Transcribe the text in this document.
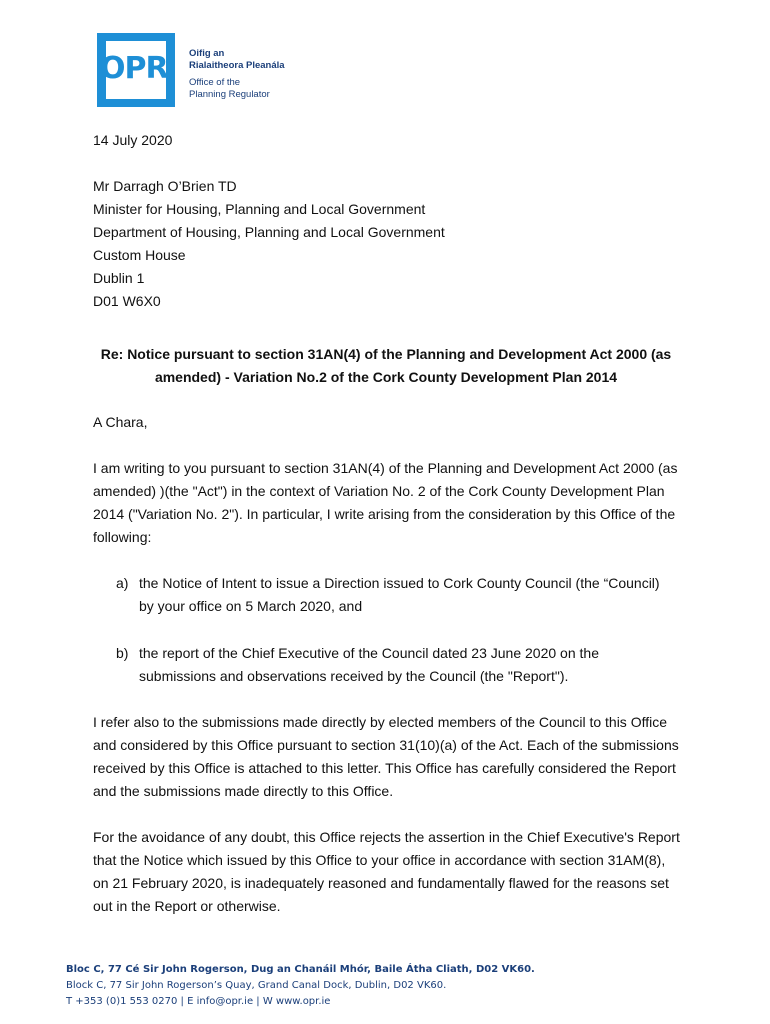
OPR	Oifig an
Rialaitheora Pleanála
Office of the
Planning Regulator
14 July 2020
Mr Darragh O’Brien TD
Minister for Housing, Planning and Local Government
Department of Housing, Planning and Local Government
Custom House
Dublin 1
D01 W6X0
Re: Notice pursuant to section 31AN(4) of the Planning and Development Act 2000 (as amended) - Variation No.2 of the Cork County Development Plan 2014
A Chara,
I am writing to you pursuant to section 31AN(4) of the Planning and Development Act 2000 (as amended) )(the "Act") in the context of Variation No. 2 of the Cork County Development Plan 2014 ("Variation No. 2"). In particular, I write arising from the consideration by this Office of the following:
a) the Notice of Intent to issue a Direction issued to Cork County Council (the “Council) by your office on 5 March 2020, and
b) the report of the Chief Executive of the Council dated 23 June 2020 on the submissions and observations received by the Council (the "Report").
I refer also to the submissions made directly by elected members of the Council to this Office and considered by this Office pursuant to section 31(10)(a) of the Act. Each of the submissions received by this Office is attached to this letter. This Office has carefully considered the Report and the submissions made directly to this Office.
For the avoidance of any doubt, this Office rejects the assertion in the Chief Executive's Report that the Notice which issued by this Office to your office in accordance with section 31AM(8), on 21 February 2020, is inadequately reasoned and fundamentally flawed for the reasons set out in the Report or otherwise.
Bloc C, 77 Cé Sir John Rogerson, Dug an Chanáil Mhór, Baile Átha Cliath, D02 VK60.
Block C, 77 Sir John Rogerson’s Quay, Grand Canal Dock, Dublin, D02 VK60.
T +353 (0)1 553 0270 | E info@opr.ie | W www.opr.ie
